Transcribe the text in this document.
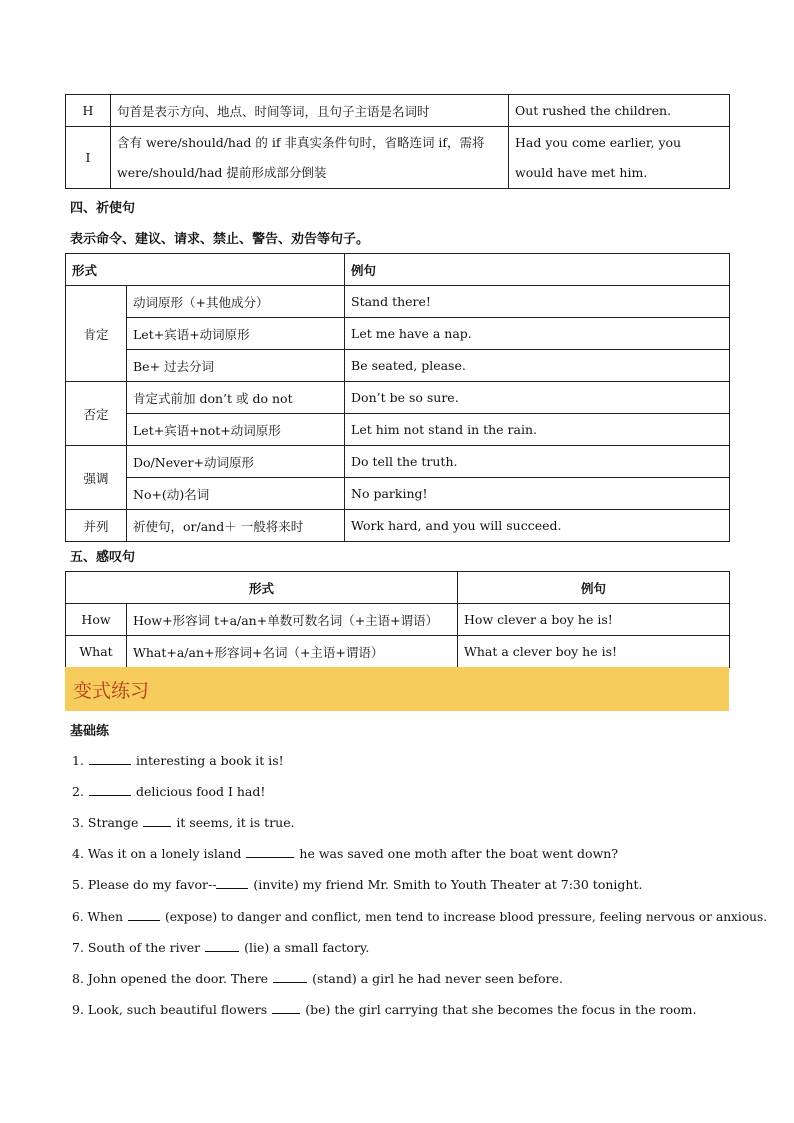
H	句首是表示方向、地点、时间等词，且句子主语是名词时	Out rushed the children.
I	含有 were/should/had 的 if 非真实条件句时，省略连词 if，需将 were/should/had 提前形成部分倒装	Had you come earlier, you would have met him.
四、祈使句
表示命令、建议、请求、禁止、警告、劝告等句子。
形式		例句
肯定	动词原形（+其他成分）	Stand there!
	Let+宾语+动词原形	Let me have a nap.
	Be+ 过去分词	Be seated, please.
否定	肯定式前加 don’t 或 do not	Don’t be so sure.
	Let+宾语+not+动词原形	Let him not stand in the rain.
强调	Do/Never+动词原形	Do tell the truth.
	No+(动)名词	No parking!
并列	祈使句，or/and＋ 一般将来时	Work hard, and you will succeed.
五、感叹句
形式		例句
How	How+形容词 t+a/an+单数可数名词（+主语+谓语）	How clever a boy he is!
What	What+a/an+形容词+名词（+主语+谓语）	What a clever boy he is!
变式练习
基础练
1.	interesting a book it is!
2.	delicious food I had!
3. Strange	it seems, it is true.
4. Was it on a lonely island	he was saved one moth after the boat went down?
5. Please do my favor--	(invite) my friend Mr. Smith to Youth Theater at 7:30 tonight.
6. When	(expose) to danger and conflict, men tend to increase blood pressure, feeling nervous or anxious.
7. South of the river	(lie) a small factory.
8. John opened the door. There	(stand) a girl he had never seen before.
9. Look, such beautiful flowers	(be) the girl carrying that she becomes the focus in the room.
